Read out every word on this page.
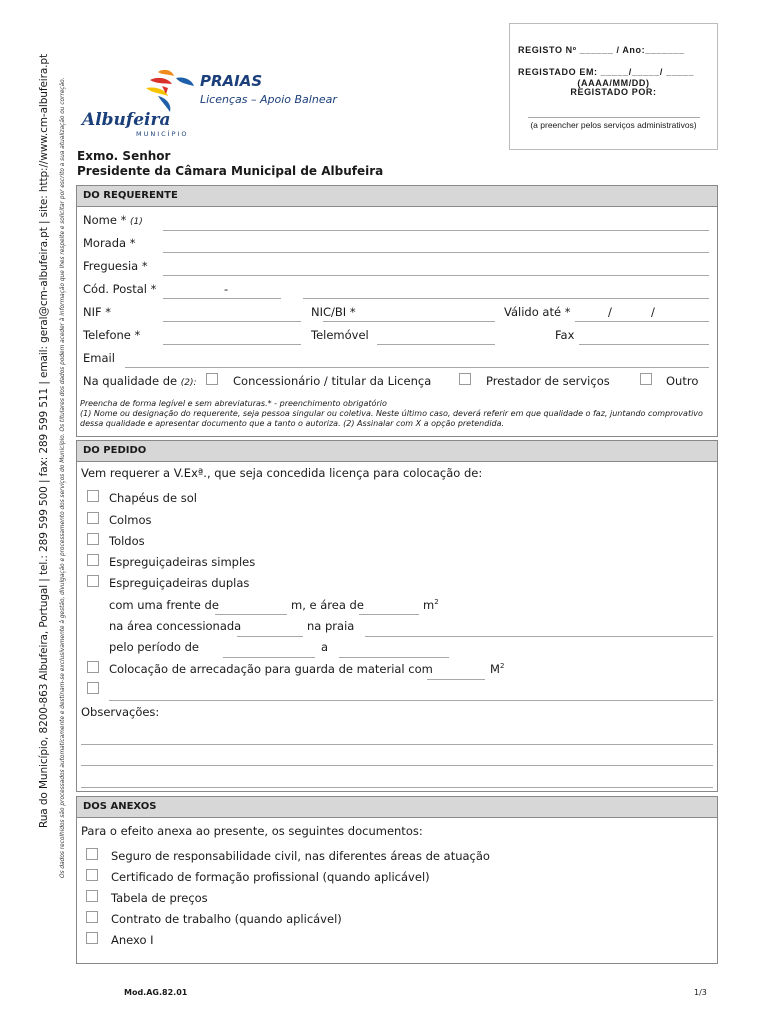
Rua do Município, 8200-863 Albufeira, Portugal | tel.: 289 599 500 | fax: 289 599 511 | email: geral@cm-albufeira.pt | site: http://www.cm-albufeira.pt Os dados recolhidos são processados automaticamente e destinam-se exclusivamente à gestão, divulgação e processamento dos serviços do Município. Os titulares dos dados podem aceder à informação que lhes respeite e solicitar por escrito a sua atualização ou correção. Albufeira
MUNICÍPIO
PRAIAS
Licenças – Apoio Balnear
REGISTO Nº ______ / Ano:_______
REGISTADO EM: _____/_____/ _____
(AAAA/MM/DD)
REGISTADO POR:
(a preencher pelos serviços administrativos)
Exmo. Senhor
Presidente da Câmara Municipal de Albufeira
DO REQUERENTE
Nome * (1)
Morada *
Freguesia *
Cód. Postal *	-
NIF *	NIC/BI *	Válido até *	/	/
Telefone *	Telemóvel	Fax
Email
Na qualidade de (2):	Concessionário / titular da Licença	Prestador de serviços	Outro
Preencha de forma legível e sem abreviaturas.* - preenchimento obrigatório
(1) Nome ou designação do requerente, seja pessoa singular ou coletiva. Neste último caso, deverá referir em que qualidade o faz, juntando comprovativo
dessa qualidade e apresentar documento que a tanto o autoriza. (2) Assinalar com X a opção pretendida.
DO PEDIDO
Vem requerer a V.Exª., que seja concedida licença para colocação de:
Chapéus de sol
Colmos
Toldos
Espreguiçadeiras simples
Espreguiçadeiras duplas
com uma frente de	m, e área de	$m^2$
na área concessionada	na praia
pelo período de	a
Colocação de arrecadação para guarda de material com	$M^2$
Observações:
DOS ANEXOS
Para o efeito anexa ao presente, os seguintes documentos:
Seguro de responsabilidade civil, nas diferentes áreas de atuação
Certificado de formação profissional (quando aplicável)
Tabela de preços
Contrato de trabalho (quando aplicável)
Anexo I
Mod.AG.82.01	1/3
